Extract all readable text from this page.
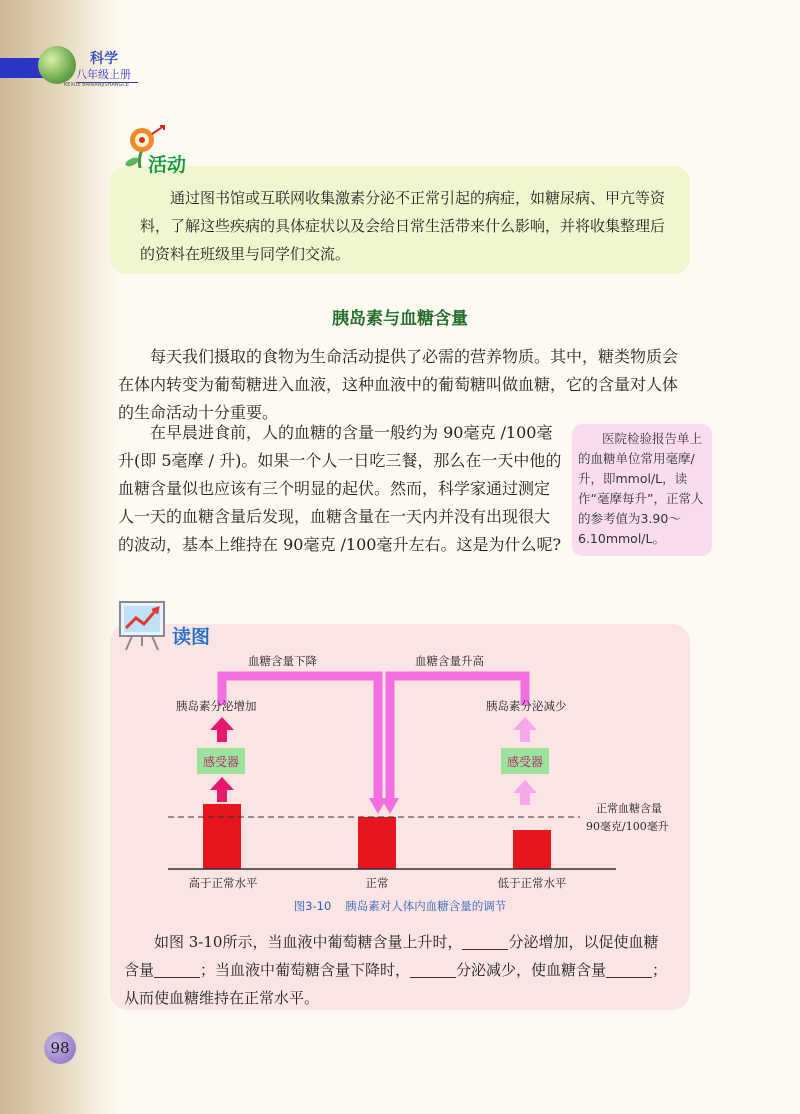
科学
八年级上册
KEXUE BANIANJISHANGCE
活动
通过图书馆或互联网收集激素分泌不正常引起的病症，如糖尿病、甲亢等资料，了解这些疾病的具体症状以及会给日常生活带来什么影响，并将收集整理后的资料在班级里与同学们交流。
胰岛素与血糖含量
每天我们摄取的食物为生命活动提供了必需的营养物质。其中，糖类物质会在体内转变为葡萄糖进入血液，这种血液中的葡萄糖叫做血糖，它的含量对人体的生命活动十分重要。
在早晨进食前，人的血糖的含量一般约为 90毫克 /100毫升(即 5毫摩 / 升)。如果一个人一日吃三餐，那么在一天中他的血糖含量似也应该有三个明显的起伏。然而，科学家通过测定人一天的血糖含量后发现，血糖含量在一天内并没有出现很大的波动，基本上维持在 90毫克 /100毫升左右。这是为什么呢?
医院检验报告单上的血糖单位常用毫摩/升，即mmol/L，读作“毫摩每升”，正常人的参考值为3.90～6.10mmol/L。
读图
血糖含量下降	血糖含量升高
胰岛素分泌增加	胰岛素分泌减少
感受器	感受器
正常血糖含量
90毫克/100毫升
高于正常水平	正常	低于正常水平
图3-10 胰岛素对人体内血糖含量的调节
如图 3-10所示，当血液中葡萄糖含量上升时，	分泌增加，以促使血糖含量	；当血液中葡萄糖含量下降时，	分泌减少，使血糖含量	；从而使血糖维持在正常水平。
98
